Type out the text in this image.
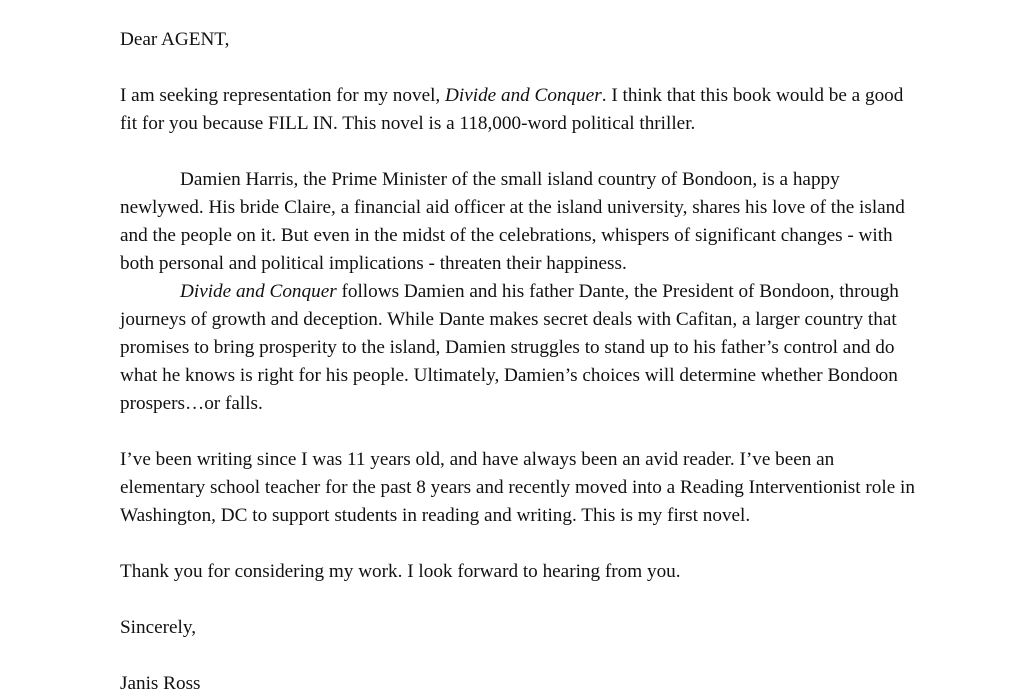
Dear AGENT,

I am seeking representation for my novel, Divide and Conquer. I think that this book would be a good fit for you because FILL IN. This novel is a 118,000-word political thriller.

Damien Harris, the Prime Minister of the small island country of Bondoon, is a happy newlywed. His bride Claire, a financial aid officer at the island university, shares his love of the island and the people on it. But even in the midst of the celebrations, whispers of significant changes - with both personal and political implications - threaten their happiness.

Divide and Conquer follows Damien and his father Dante, the President of Bondoon, through journeys of growth and deception. While Dante makes secret deals with Cafitan, a larger country that promises to bring prosperity to the island, Damien struggles to stand up to his father’s control and do what he knows is right for his people. Ultimately, Damien’s choices will determine whether Bondoon prospers…or falls.

I’ve been writing since I was 11 years old, and have always been an avid reader. I’ve been an elementary school teacher for the past 8 years and recently moved into a Reading Interventionist role in Washington, DC to support students in reading and writing. This is my first novel.

Thank you for considering my work. I look forward to hearing from you.

Sincerely,

Janis Ross
